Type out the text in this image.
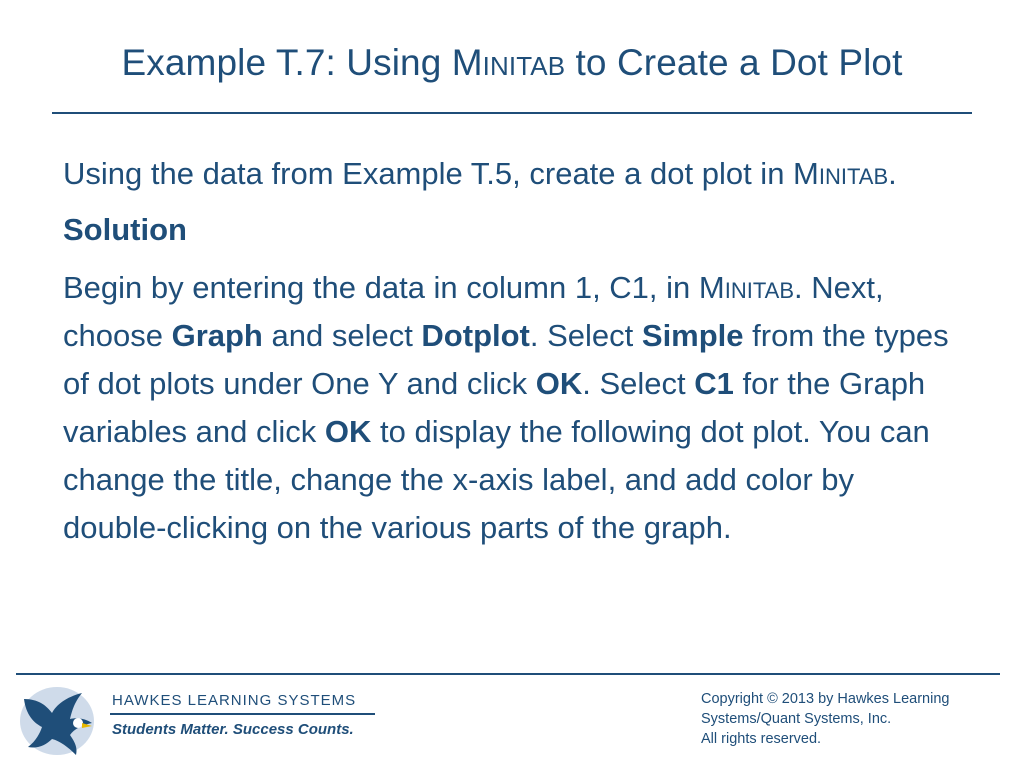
Example T.7: Using Minitab to Create a Dot Plot

Using the data from Example T.5, create a dot plot in Minitab.

Solution

Begin by entering the data in column 1, C1, in Minitab. Next, choose Graph and select Dotplot. Select Simple from the types of dot plots under One Y and click OK. Select C1 for the Graph variables and click OK to display the following dot plot. You can change the title, change the x-axis label, and add color by double-clicking on the various parts of the graph.

HAWKES LEARNING SYSTEMS
Students Matter. Success Counts.
Copyright © 2013 by Hawkes Learning
Systems/Quant Systems, Inc.
All rights reserved.
